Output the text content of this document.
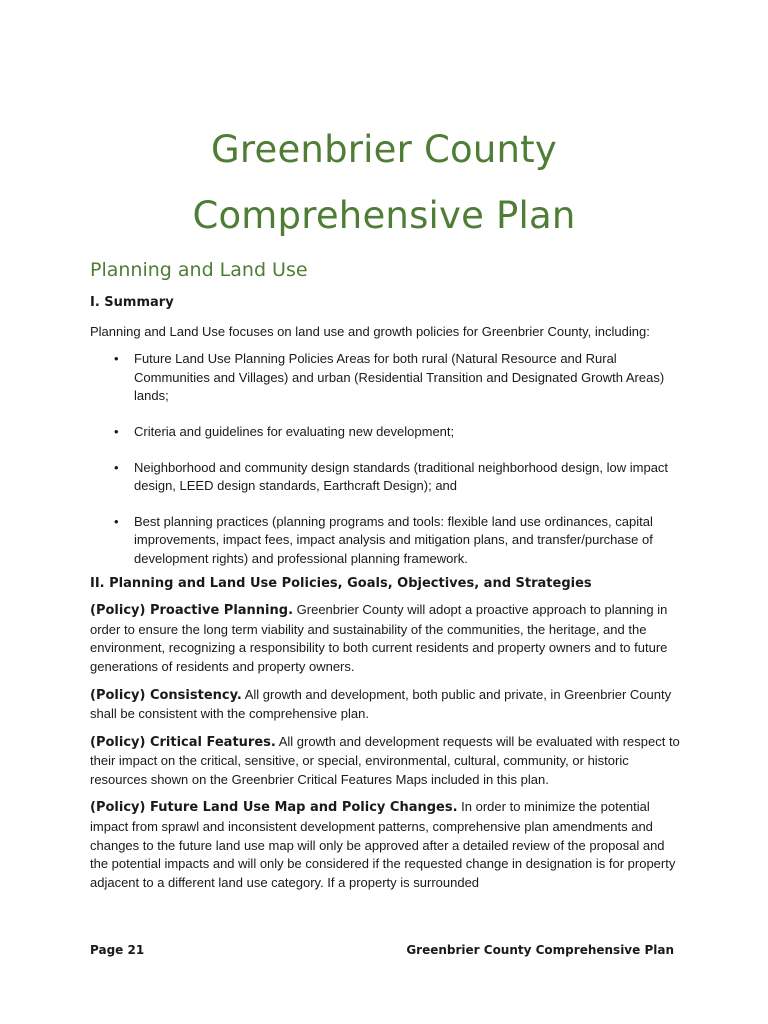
Greenbrier County
Comprehensive Plan
Planning and Land Use
I. Summary

Planning and Land Use focuses on land use and growth policies for Greenbrier County, including:

• Future Land Use Planning Policies Areas for both rural (Natural Resource and Rural Communities and Villages) and urban (Residential Transition and Designated Growth Areas) lands;
• Criteria and guidelines for evaluating new development;
• Neighborhood and community design standards (traditional neighborhood design, low impact design, LEED design standards, Earthcraft Design); and
• Best planning practices (planning programs and tools: flexible land use ordinances, capital improvements, impact fees, impact analysis and mitigation plans, and transfer/purchase of development rights) and professional planning framework.
II. Planning and Land Use Policies, Goals, Objectives, and Strategies

(Policy) Proactive Planning. Greenbrier County will adopt a proactive approach to planning in order to ensure the long term viability and sustainability of the communities, the heritage, and the environment, recognizing a responsibility to both current residents and property owners and to future generations of residents and property owners.

(Policy) Consistency. All growth and development, both public and private, in Greenbrier County shall be consistent with the comprehensive plan.

(Policy) Critical Features. All growth and development requests will be evaluated with respect to their impact on the critical, sensitive, or special, environmental, cultural, community, or historic resources shown on the Greenbrier Critical Features Maps included in this plan.

(Policy) Future Land Use Map and Policy Changes. In order to minimize the potential impact from sprawl and inconsistent development patterns, comprehensive plan amendments and changes to the future land use map will only be approved after a detailed review of the proposal and the potential impacts and will only be considered if the requested change in designation is for property adjacent to a different land use category. If a property is surrounded

Page 21	Greenbrier County Comprehensive Plan
